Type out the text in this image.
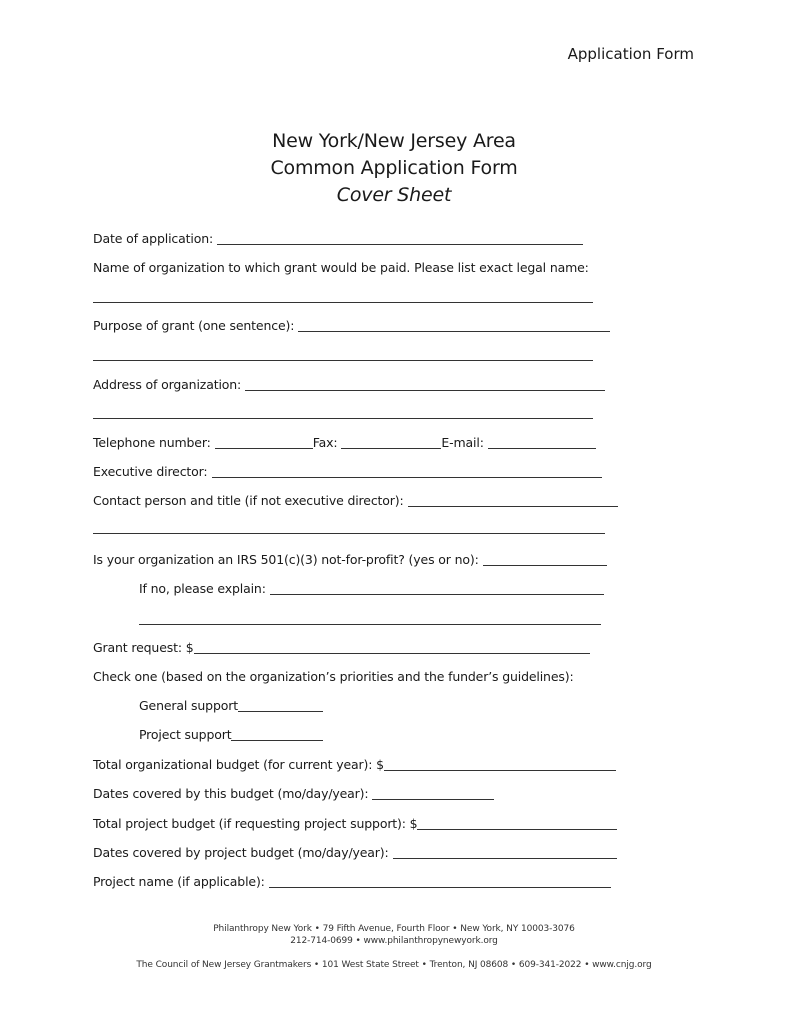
Application Form
New York/New Jersey Area
Common Application Form
Cover Sheet
Date of application:
Name of organization to which grant would be paid. Please list exact legal name:
Purpose of grant (one sentence):
Address of organization:
Telephone number:	Fax:	E-mail:
Executive director:
Contact person and title (if not executive director):
Is your organization an IRS 501(c)(3) not-for-profit? (yes or no):
If no, please explain:
Grant request: $
Check one (based on the organization’s priorities and the funder’s guidelines):
General support
Project support
Total organizational budget (for current year): $
Dates covered by this budget (mo/day/year):
Total project budget (if requesting project support): $
Dates covered by project budget (mo/day/year):
Project name (if applicable):
Philanthropy New York • 79 Fifth Avenue, Fourth Floor • New York, NY 10003-3076
212-714-0699 • www.philanthropynewyork.org
The Council of New Jersey Grantmakers • 101 West State Street • Trenton, NJ 08608 • 609-341-2022 • www.cnjg.org
